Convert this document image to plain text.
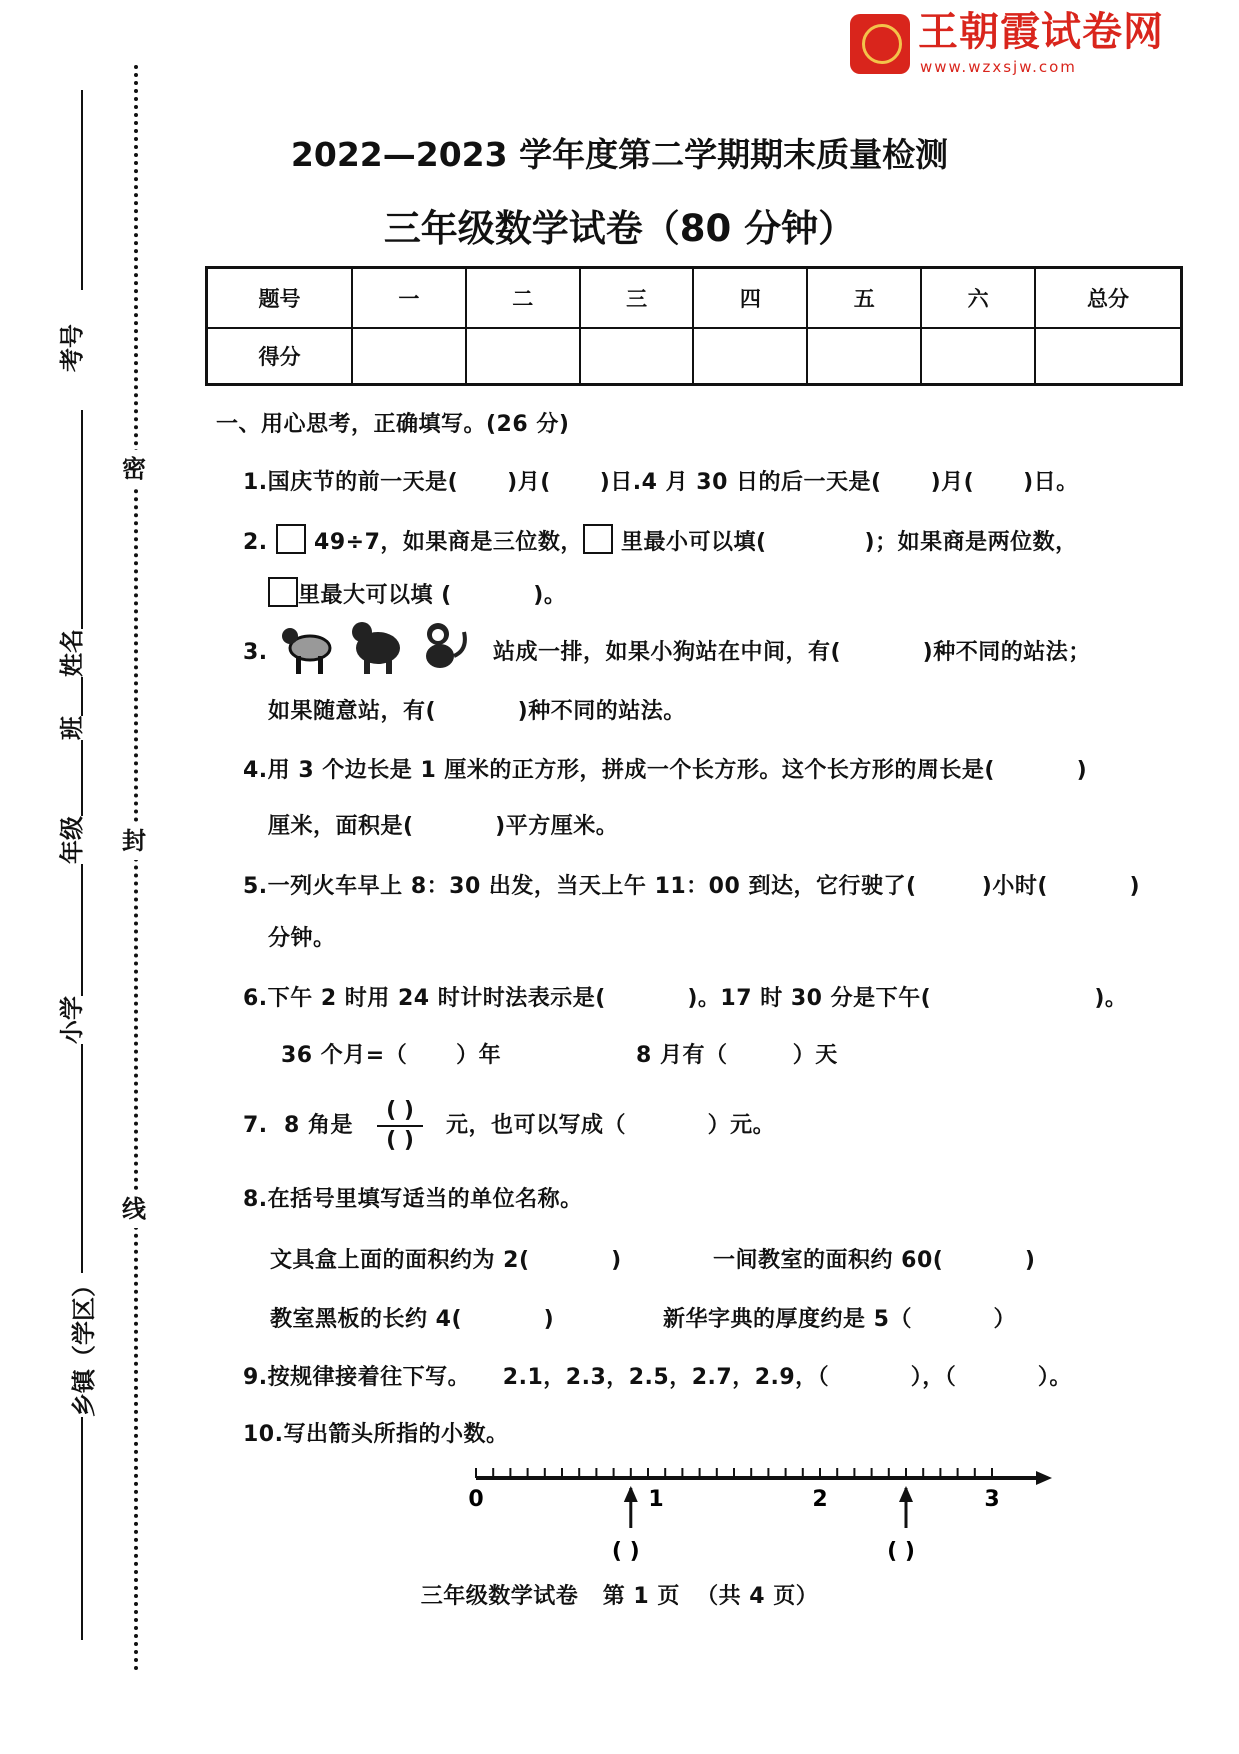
王朝霞试卷网
www.wzxsjw.com
考号
姓名
班
年级
小学
乡镇（学区）
密
封
线
2022—2023 学年度第二学期期末质量检测
三年级数学试卷（80 分钟）
题号	一	二	三	四	五	六	总分
得分							
一、用心思考，正确填写。(26 分)
1.国庆节的前一天是(      )月(      )日.4 月 30 日的后一天是(      )月(      )日。
2. 49÷7，如果商是三位数， 里最小可以填(            )；如果商是两位数，
里最大可以填 (          )。
3.	站成一排，如果小狗站在中间，有(          )种不同的站法；
如果随意站，有(          )种不同的站法。
4.用 3 个边长是 1 厘米的正方形，拼成一个长方形。这个长方形的周长是(          )
厘米，面积是(          )平方厘米。
5.一列火车早上 8：30 出发，当天上午 11：00 到达，它行驶了(        )小时(          )
分钟。
6.下午 2 时用 24 时计时法表示是(          )。17 时 30 分是下午(                    )。
36 个月=（      ）年	8 月有（        ）天
7.  8 角是
( )
( )
元，也可以写成（          ）元。
8.在括号里填写适当的单位名称。
文具盒上面的面积约为 2(          )	一间教室的面积约 60(          )
教室黑板的长约 4(          )	新华字典的厚度约是 5（          ）
9.按规律接着往下写。    2.1，2.3，2.5，2.7，2.9，（          ），（          ）。
10.写出箭头所指的小数。
0	1	2	3
( )	( )
三年级数学试卷   第 1 页  （共 4 页）
